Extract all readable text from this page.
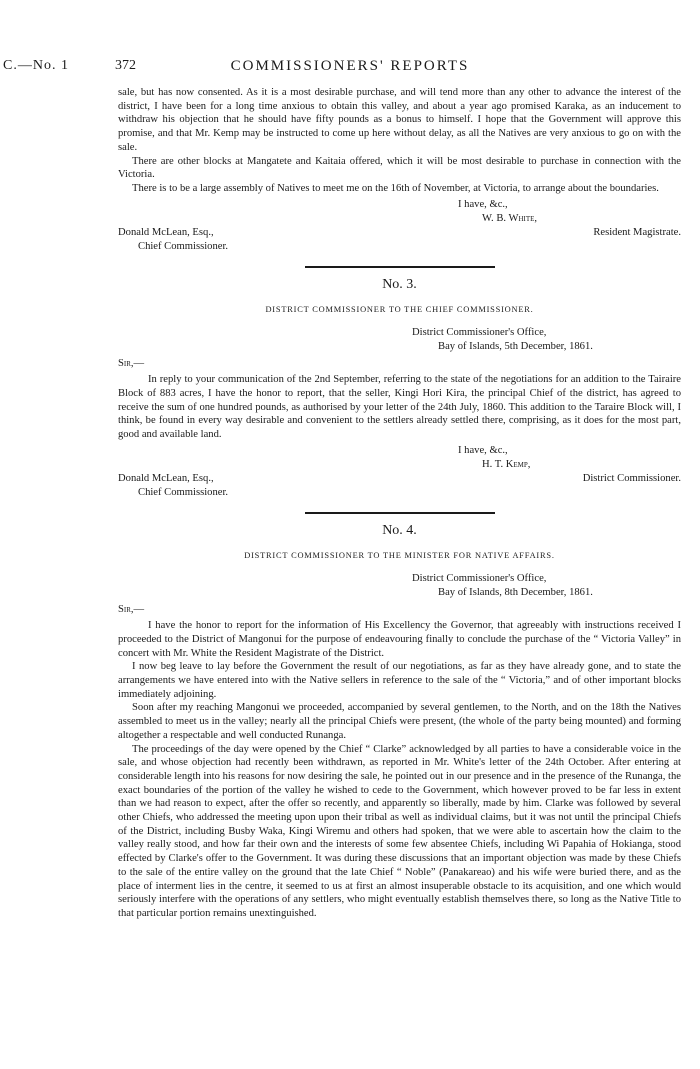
C.—No. 1	372	COMMISSIONERS' REPORTS

sale, but has now consented. As it is a most desirable purchase, and will tend more than any other to advance the interest of the district, I have been for a long time anxious to obtain this valley, and about a year ago promised Karaka, as an inducement to withdraw his objection that he should have fifty pounds as a bonus to himself. I hope that the Government will approve this promise, and that Mr. Kemp may be instructed to come up here without delay, as all the Natives are very anxious to go on with the sale.

There are other blocks at Mangatete and Kaitaia offered, which it will be most desirable to purchase in connection with the Victoria.

There is to be a large assembly of Natives to meet me on the 16th of November, at Victoria, to arrange about the boundaries.

I have, &c.,
W. B. White,
Donald McLean, Esq.,	Resident Magistrate.
Chief Commissioner.
No. 3.
DISTRICT COMMISSIONER TO THE CHIEF COMMISSIONER.
District Commissioner's Office,
Bay of Islands, 5th December, 1861.
Sir,—

In reply to your communication of the 2nd September, referring to the state of the negotiations for an addition to the Tairaire Block of 883 acres, I have the honor to report, that the seller, Kingi Hori Kira, the principal Chief of the district, has agreed to receive the sum of one hundred pounds, as authorised by your letter of the 24th July, 1860. This addition to the Taraire Block will, I think, be found in every way desirable and convenient to the settlers already settled there, comprising, as it does for the most part, good and available land.

I have, &c.,
H. T. Kemp,
Donald McLean, Esq.,	District Commissioner.
Chief Commissioner.
No. 4.
DISTRICT COMMISSIONER TO THE MINISTER FOR NATIVE AFFAIRS.
District Commissioner's Office,
Bay of Islands, 8th December, 1861.
Sir,—

I have the honor to report for the information of His Excellency the Governor, that agreeably with instructions received I proceeded to the District of Mangonui for the purpose of endeavouring finally to conclude the purchase of the “ Victoria Valley” in concert with Mr. White the Resident Magistrate of the District.

I now beg leave to lay before the Government the result of our negotiations, as far as they have already gone, and to state the arrangements we have entered into with the Native sellers in reference to the sale of the “ Victoria,” and of other important blocks immediately adjoining.

Soon after my reaching Mangonui we proceeded, accompanied by several gentlemen, to the North, and on the 18th the Natives assembled to meet us in the valley; nearly all the principal Chiefs were present, (the whole of the party being mounted) and forming altogether a respectable and well conducted Runanga.

The proceedings of the day were opened by the Chief “ Clarke” acknowledged by all parties to have a considerable voice in the sale, and whose objection had recently been withdrawn, as reported in Mr. White's letter of the 24th October. After entering at considerable length into his reasons for now desiring the sale, he pointed out in our presence and in the presence of the Runanga, the exact boundaries of the portion of the valley he wished to cede to the Government, which however proved to be far less in extent than we had reason to expect, after the offer so recently, and apparently so liberally, made by him. Clarke was followed by several other Chiefs, who addressed the meeting upon upon their tribal as well as individual claims, but it was not until the principal Chiefs of the District, including Busby Waka, Kingi Wiremu and others had spoken, that we were able to ascertain how the claim to the valley really stood, and how far their own and the interests of some few absentee Chiefs, including Wi Papahia of Hokianga, stood effected by Clarke's offer to the Government. It was during these discussions that an important objection was made by these Chiefs to the sale of the entire valley on the ground that the late Chief “ Noble” (Panakareao) and his wife were buried there, and as the place of interment lies in the centre, it seemed to us at first an almost insuperable obstacle to its acquisition, and one which would seriously interfere with the operations of any settlers, who might eventually establish themselves there, so long as the Native Title to that particular portion remains unextinguished.
